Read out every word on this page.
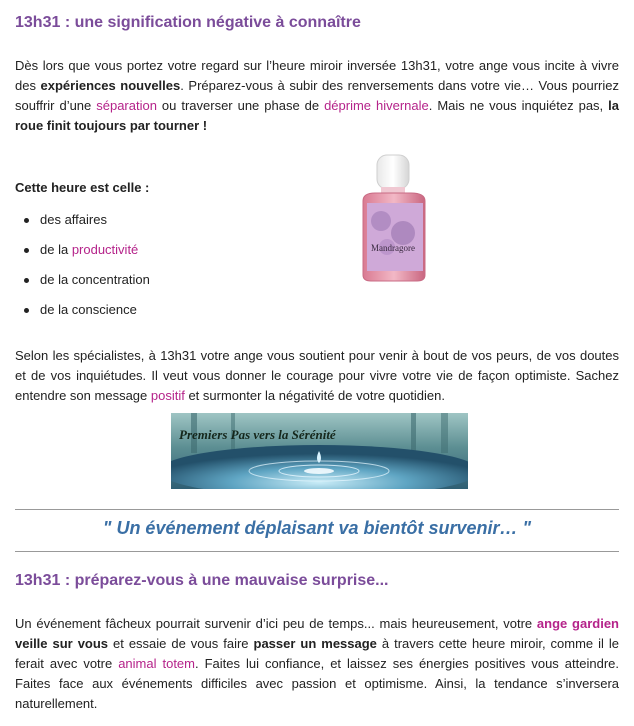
13h31 : une signification négative à connaître
Dès lors que vous portez votre regard sur l’heure miroir inversée 13h31, votre ange vous incite à vivre des expériences nouvelles. Préparez-vous à subir des renversements dans votre vie… Vous pourriez souffrir d’une séparation ou traverser une phase de déprime hivernale. Mais ne vous inquiétez pas, la roue finit toujours par tourner !

Cette heure est celle :

des affaires
de la productivité
de la concentration
de la conscience
Mandragore
Selon les spécialistes, à 13h31 votre ange vous soutient pour venir à bout de vos peurs, de vos doutes et de vos inquiétudes. Il veut vous donner le courage pour vivre votre vie de façon optimiste. Sachez entendre son message positif et surmonter la négativité de votre quotidien.
Premiers Pas vers la Sérénité
" Un événement déplaisant va bientôt survenir… "
13h31 : préparez-vous à une mauvaise surprise...
Un événement fâcheux pourrait survenir d’ici peu de temps... mais heureusement, votre ange gardien veille sur vous et essaie de vous faire passer un message à travers cette heure miroir, comme il le ferait avec votre animal totem. Faites lui confiance, et laissez ses énergies positives vous atteindre. Faites face aux événements difficiles avec passion et optimisme. Ainsi, la tendance s’inversera naturellement.
